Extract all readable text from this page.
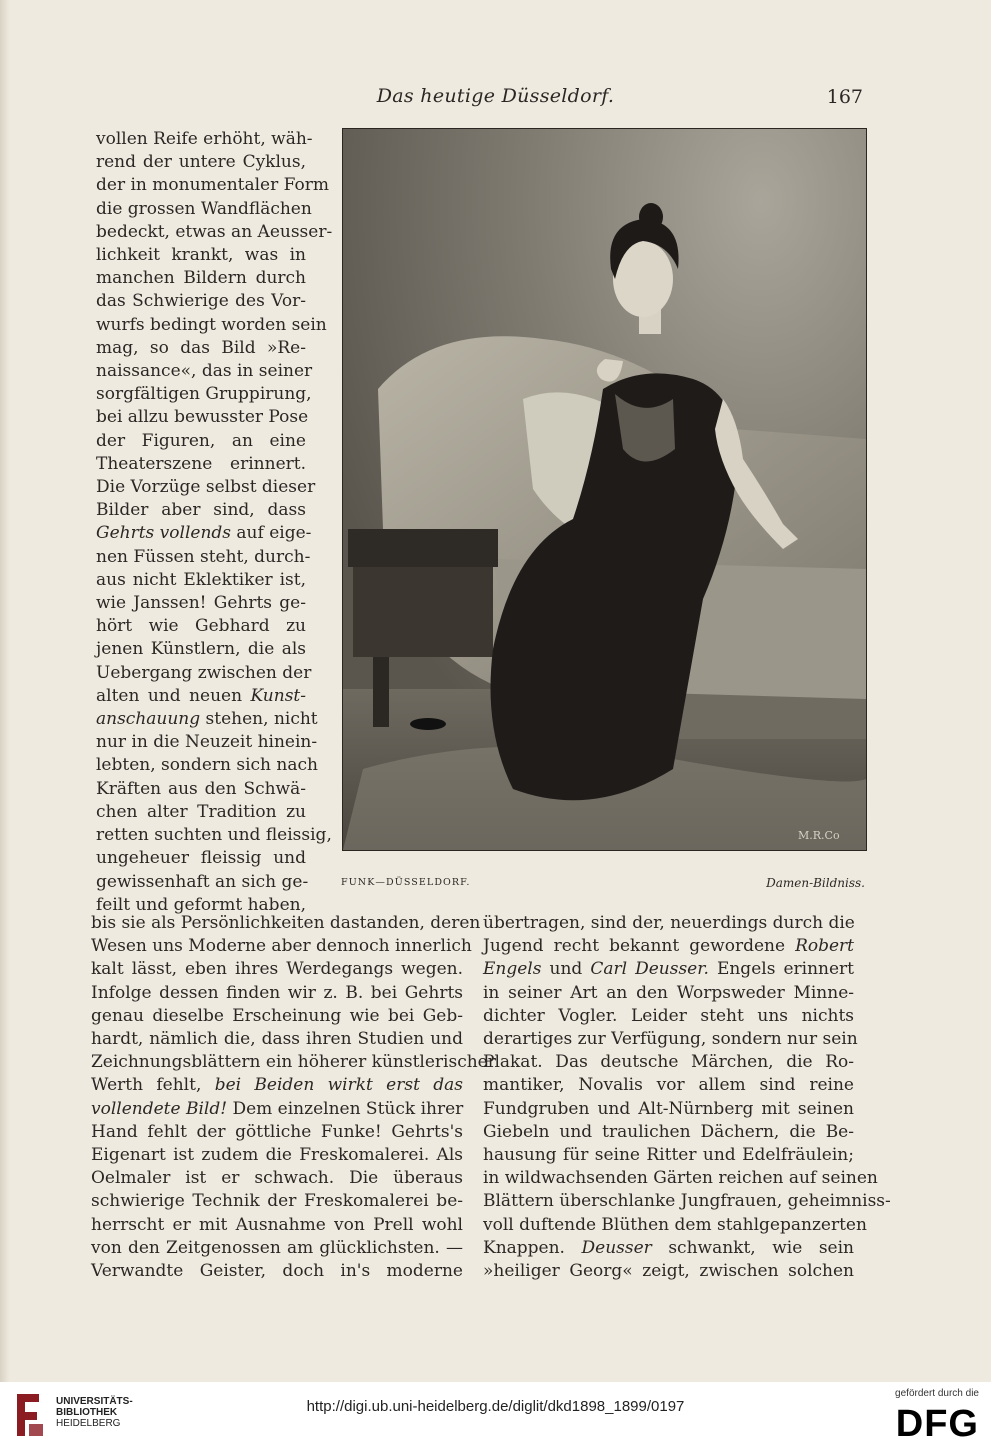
Das heutige Düsseldorf.	167
vollen Reife erhöht, wäh-
rend der untere Cyklus,
der in monumentaler Form
die grossen Wandflächen
bedeckt, etwas an Aeusser-
lichkeit krankt, was in
manchen Bildern durch
das Schwierige des Vor-
wurfs bedingt worden sein
mag, so das Bild »Re-
naissance«, das in seiner
sorgfältigen Gruppirung,
bei allzu bewusster Pose
der Figuren, an eine
Theaterszene erinnert.
Die Vorzüge selbst dieser
Bilder aber sind, dass
Gehrts vollends auf eige-
nen Füssen steht, durch-
aus nicht Eklektiker ist,
wie Janssen! Gehrts ge-
hört wie Gebhard zu
jenen Künstlern, die als
Uebergang zwischen der
alten und neuen Kunst-
anschauung stehen, nicht
nur in die Neuzeit hinein-
lebten, sondern sich nach
Kräften aus den Schwä-
chen alter Tradition zu
retten suchten und fleissig,
ungeheuer fleissig und
gewissenhaft an sich ge-
feilt und geformt haben,
M.R.Co
FUNK—DÜSSELDORF.	Damen-Bildniss.
bis sie als Persönlichkeiten dastanden, deren
Wesen uns Moderne aber dennoch innerlich
kalt lässt, eben ihres Werdegangs wegen.
Infolge dessen finden wir z. B. bei Gehrts
genau dieselbe Erscheinung wie bei Geb-
hardt, nämlich die, dass ihren Studien und
Zeichnungsblättern ein höherer künstlerischer
Werth fehlt, bei Beiden wirkt erst das
vollendete Bild! Dem einzelnen Stück ihrer
Hand fehlt der göttliche Funke! Gehrts's
Eigenart ist zudem die Freskomalerei. Als
Oelmaler ist er schwach. Die überaus
schwierige Technik der Freskomalerei be-
herrscht er mit Ausnahme von Prell wohl
von den Zeitgenossen am glücklichsten. —
Verwandte Geister, doch in's moderne
übertragen, sind der, neuerdings durch die
Jugend recht bekannt gewordene Robert
Engels und Carl Deusser. Engels erinnert
in seiner Art an den Worpsweder Minne-
dichter Vogler. Leider steht uns nichts
derartiges zur Verfügung, sondern nur sein
Plakat. Das deutsche Märchen, die Ro-
mantiker, Novalis vor allem sind reine
Fundgruben und Alt-Nürnberg mit seinen
Giebeln und traulichen Dächern, die Be-
hausung für seine Ritter und Edelfräulein;
in wildwachsenden Gärten reichen auf seinen
Blättern überschlanke Jungfrauen, geheimniss-
voll duftende Blüthen dem stahlgepanzerten
Knappen. Deusser schwankt, wie sein
»heiliger Georg« zeigt, zwischen solchen
UNIVERSITÄTS-
BIBLIOTHEK
HEIDELBERG
http://digi.ub.uni-heidelberg.de/diglit/dkd1898_1899/0197
gefördert durch die
DFG
